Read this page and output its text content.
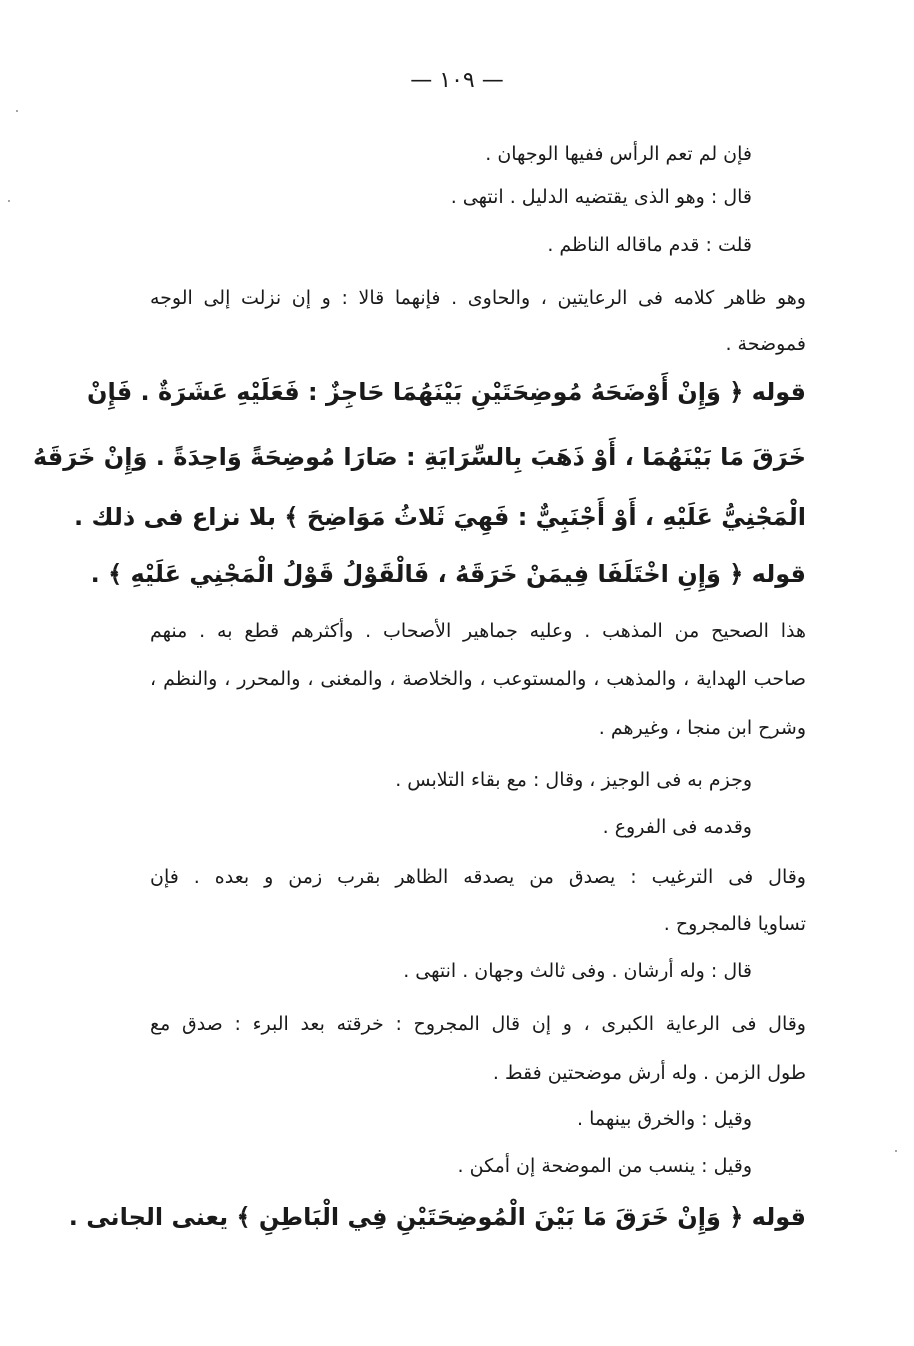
— ١٠٩ —
فإن لم تعم الرأس ففيها الوجهان .
قال : وهو الذى يقتضيه الدليل . انتهى .
قلت : قدم ماقاله الناظم .
وهو ظاهر كلامه فى الرعايتين ، والحاوى . فإنهما قالا : و إن نزلت إلى الوجه
فموضحة .
قوله ﴿ وَإِنْ أَوْضَحَهُ مُوضِحَتَيْنِ بَيْنَهُمَا حَاجِزٌ : فَعَلَيْهِ عَشَرَةٌ . فَإِنْ
خَرَقَ مَا بَيْنَهُمَا ، أَوْ ذَهَبَ بِالسِّرَايَةِ : صَارَا مُوضِحَةً وَاحِدَةً . وَإِنْ خَرَقَهُ
الْمَجْنِيُّ عَلَيْهِ ، أَوْ أَجْنَبِيٌّ : فَهِيَ ثَلاثُ مَوَاضِحَ ﴾ بلا نزاع فى ذلك .
قوله ﴿ وَإِنِ اخْتَلَفَا فِيمَنْ خَرَقَهُ ، فَالْقَوْلُ قَوْلُ الْمَجْنِي عَلَيْهِ ﴾ .
هذا الصحيح من المذهب . وعليه جماهير الأصحاب . وأكثرهم قطع به . منهم
صاحب الهداية ، والمذهب ، والمستوعب ، والخلاصة ، والمغنى ، والمحرر ، والنظم ،
وشرح ابن منجا ، وغيرهم .
وجزم به فى الوجيز ، وقال : مع بقاء التلابس .
وقدمه فى الفروع .
وقال فى الترغيب : يصدق من يصدقه الظاهر بقرب زمن و بعده . فإن
تساويا فالمجروح .
قال : وله أرشان . وفى ثالث وجهان . انتهى .
وقال فى الرعاية الكبرى ، و إن قال المجروح : خرقته بعد البرء : صدق مع
طول الزمن . وله أرش موضحتين فقط .
وقيل : والخرق بينهما .
وقيل : ينسب من الموضحة إن أمكن .
قوله ﴿ وَإِنْ خَرَقَ مَا بَيْنَ الْمُوضِحَتَيْنِ فِي الْبَاطِنِ ﴾ يعنى الجانى .
